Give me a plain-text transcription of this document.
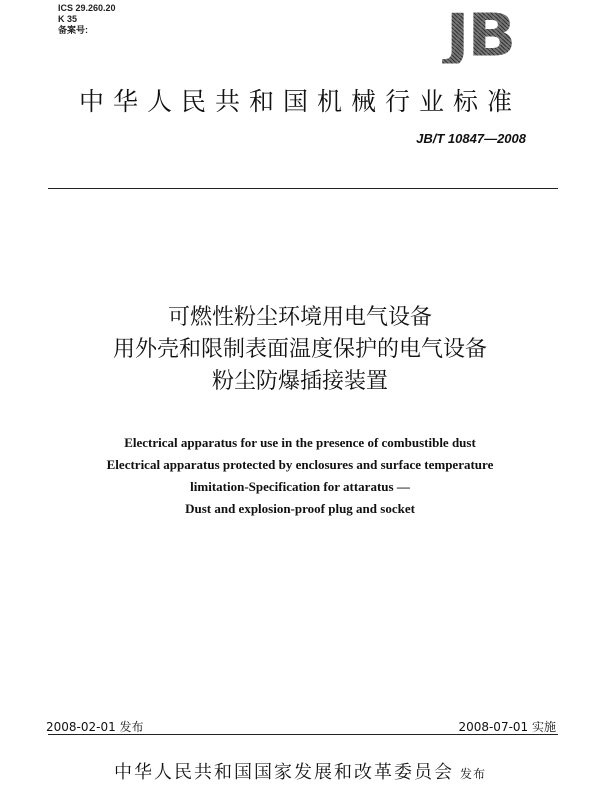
ICS 29.260.20
K 35
备案号:	JB
中华人民共和国机械行业标准
JB/T 10847—2008
可燃性粉尘环境用电气设备
用外壳和限制表面温度保护的电气设备
粉尘防爆插接装置
Electrical apparatus for use in the presence of combustible dust
Electrical apparatus protected by enclosures and surface temperature
limitation-Specification for attaratus —
Dust and explosion-proof plug and socket
2008-02-01 发布	2008-07-01 实施
中华人民共和国国家发展和改革委员会 发布
